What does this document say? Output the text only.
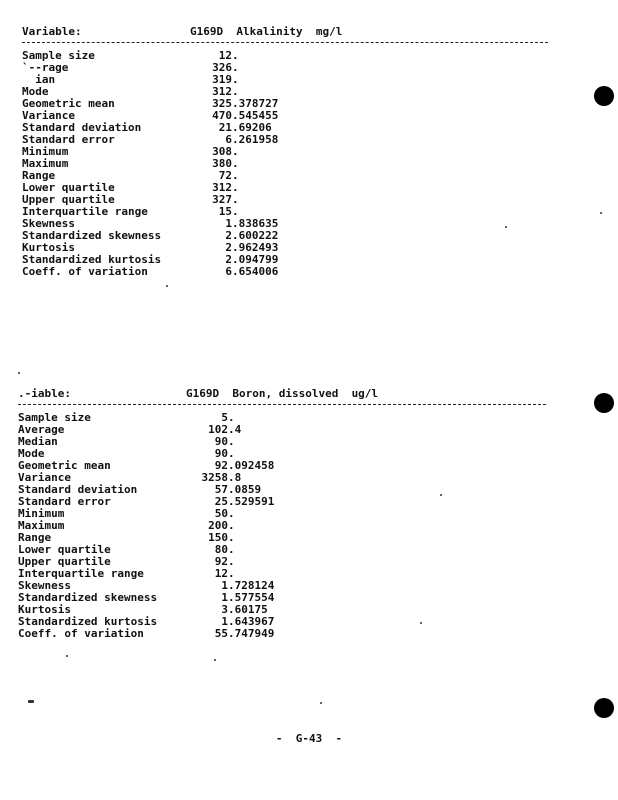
Variable:

	G169D  Alkalinity  mg/l

Sample size	12.
`--rage	326.
ian	319.
Mode	312.
Geometric mean	325.378727
Variance	470.545455
Standard deviation	21.69206
Standard error	6.261958
Minimum	308.
Maximum	380.
Range	72.
Lower quartile	312.
Upper quartile	327.
Interquartile range	15.
Skewness	1.838635
Standardized skewness	2.600222
Kurtosis	2.962493
Standardized kurtosis	2.094799
Coeff. of variation	6.654006

.-iable:

	G169D  Boron, dissolved  ug/l

Sample size	5.
Average	102.4
Median	90.
Mode	90.
Geometric mean	92.092458
Variance	3258.8
Standard deviation	57.0859
Standard error	25.529591
Minimum	50.
Maximum	200.
Range	150.
Lower quartile	80.
Upper quartile	92.
Interquartile range	12.
Skewness	1.728124
Standardized skewness	1.577554
Kurtosis	3.60175
Standardized kurtosis	1.643967
Coeff. of variation	55.747949
-  G-43  -
